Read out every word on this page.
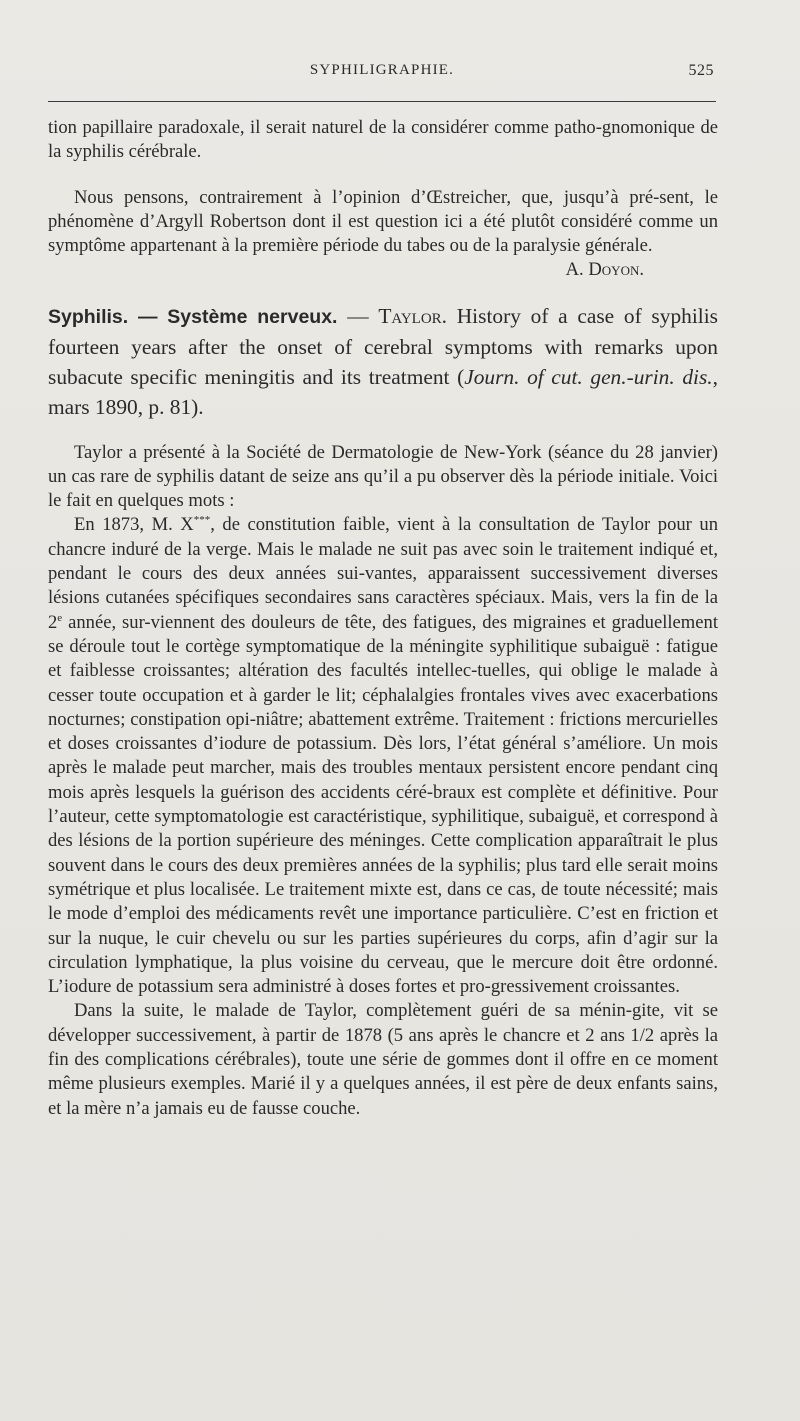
SYPHILIGRAPHIE.	525

tion papillaire paradoxale, il serait naturel de la considérer comme patho-gnomonique de la syphilis cérébrale.

Nous pensons, contrairement à l’opinion d’Œstreicher, que, jusqu’à pré-sent, le phénomène d’Argyll Robertson dont il est question ici a été plutôt considéré comme un symptôme appartenant à la première période du tabes ou de la paralysie générale.

A. Doyon.

Syphilis. — Système nerveux. — Taylor. History of a case of syphilis fourteen years after the onset of cerebral symptoms with remarks upon subacute specific meningitis and its treatment (Journ. of cut. gen.-urin. dis., mars 1890, p. 81).

Taylor a présenté à la Société de Dermatologie de New-York (séance du 28 janvier) un cas rare de syphilis datant de seize ans qu’il a pu observer dès la période initiale. Voici le fait en quelques mots :

En 1873, M. X***, de constitution faible, vient à la consultation de Taylor pour un chancre induré de la verge. Mais le malade ne suit pas avec soin le traitement indiqué et, pendant le cours des deux années sui-vantes, apparaissent successivement diverses lésions cutanées spécifiques secondaires sans caractères spéciaux. Mais, vers la fin de la 2e année, sur-viennent des douleurs de tête, des fatigues, des migraines et graduellement se déroule tout le cortège symptomatique de la méningite syphilitique subaiguë : fatigue et faiblesse croissantes; altération des facultés intellec-tuelles, qui oblige le malade à cesser toute occupation et à garder le lit; céphalalgies frontales vives avec exacerbations nocturnes; constipation opi-niâtre; abattement extrême. Traitement : frictions mercurielles et doses croissantes d’iodure de potassium. Dès lors, l’état général s’améliore. Un mois après le malade peut marcher, mais des troubles mentaux persistent encore pendant cinq mois après lesquels la guérison des accidents céré-braux est complète et définitive. Pour l’auteur, cette symptomatologie est caractéristique, syphilitique, subaiguë, et correspond à des lésions de la portion supérieure des méninges. Cette complication apparaîtrait le plus souvent dans le cours des deux premières années de la syphilis; plus tard elle serait moins symétrique et plus localisée. Le traitement mixte est, dans ce cas, de toute nécessité; mais le mode d’emploi des médicaments revêt une importance particulière. C’est en friction et sur la nuque, le cuir chevelu ou sur les parties supérieures du corps, afin d’agir sur la circulation lymphatique, la plus voisine du cerveau, que le mercure doit être ordonné. L’iodure de potassium sera administré à doses fortes et pro-gressivement croissantes.

Dans la suite, le malade de Taylor, complètement guéri de sa ménin-gite, vit se développer successivement, à partir de 1878 (5 ans après le chancre et 2 ans 1/2 après la fin des complications cérébrales), toute une série de gommes dont il offre en ce moment même plusieurs exemples. Marié il y a quelques années, il est père de deux enfants sains, et la mère n’a jamais eu de fausse couche.
